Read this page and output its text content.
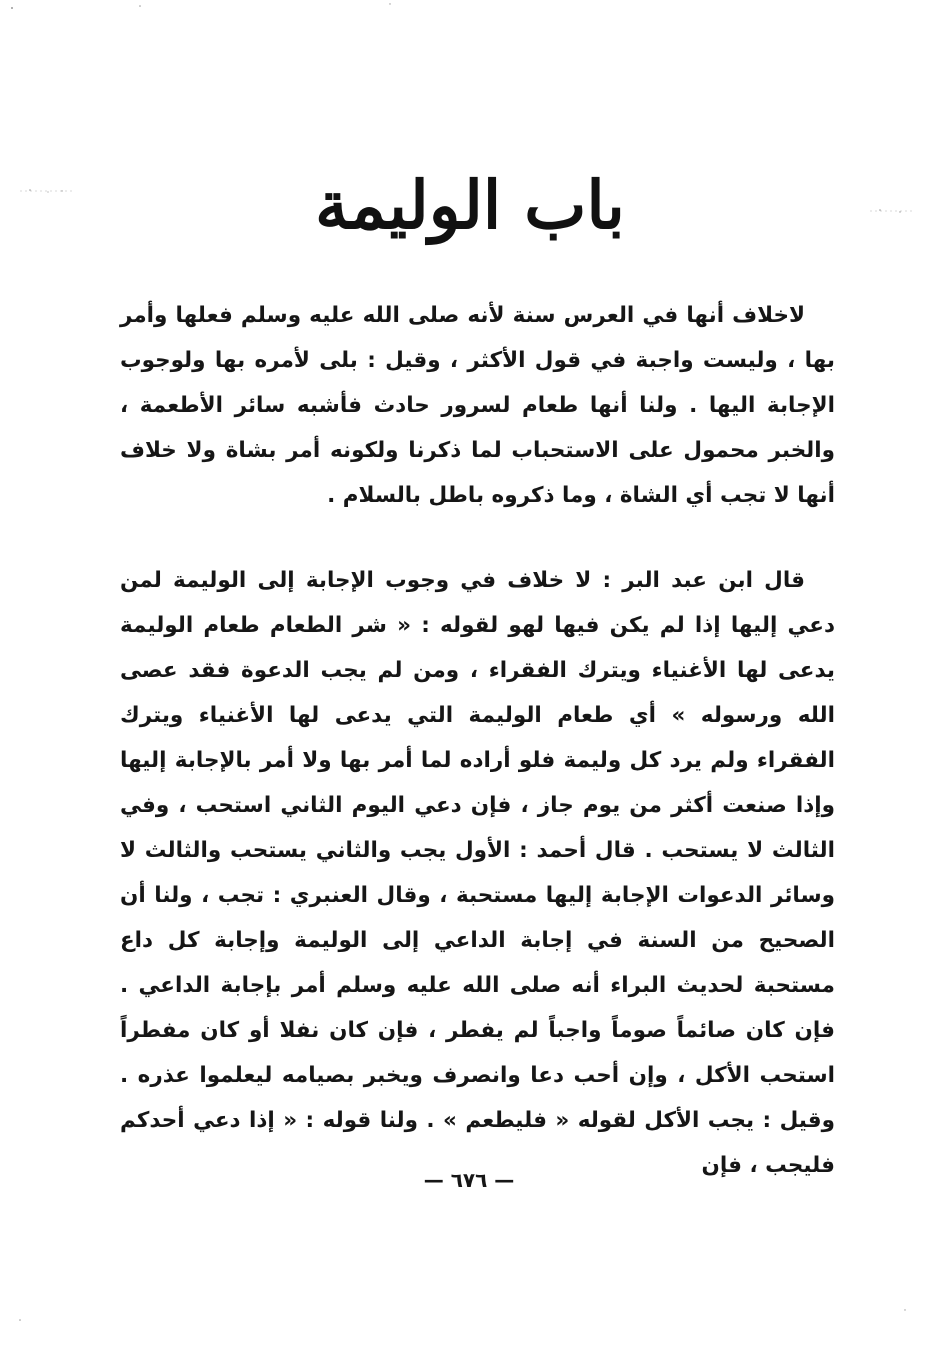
باب الوليمة

لاخلاف أنها في العرس سنة لأنه صلى الله عليه وسلم فعلها وأمر بها ، وليست واجبة في قول الأكثر ، وقيل : بلى لأمره بها ولوجوب الإجابة اليها . ولنا أنها طعام لسرور حادث فأشبه سائر الأطعمة ، والخبر محمول على الاستحباب لما ذكرنا ولكونه أمر بشاة ولا خلاف أنها لا تجب أي الشاة ، وما ذكروه باطل بالسلام .

قال ابن عبد البر : لا خلاف في وجوب الإجابة إلى الوليمة لمن دعي إليها إذا لم يكن فيها لهو لقوله : « شر الطعام طعام الوليمة يدعى لها الأغنياء ويترك الفقراء ، ومن لم يجب الدعوة فقد عصى الله ورسوله » أي طعام الوليمة التي يدعى لها الأغنياء ويترك الفقراء ولم يرد كل وليمة فلو أراده لما أمر بها ولا أمر بالإجابة إليها وإذا صنعت أكثر من يوم جاز ، فإن دعي اليوم الثاني استحب ، وفي الثالث لا يستحب . قال أحمد : الأول يجب والثاني يستحب والثالث لا وسائر الدعوات الإجابة إليها مستحبة ، وقال العنبري : تجب ، ولنا أن الصحيح من السنة في إجابة الداعي إلى الوليمة وإجابة كل داع مستحبة لحديث البراء أنه صلى الله عليه وسلم أمر بإجابة الداعي . فإن كان صائماً صوماً واجباً لم يفطر ، فإن كان نفلا أو كان مفطراً استحب الأكل ، وإن أحب دعا وانصرف ويخبر بصيامه ليعلموا عذره . وقيل : يجب الأكل لقوله « فليطعم » . ولنا قوله : « إذا دعي أحدكم فليجب ، فإن

— ٦٧٦ —
